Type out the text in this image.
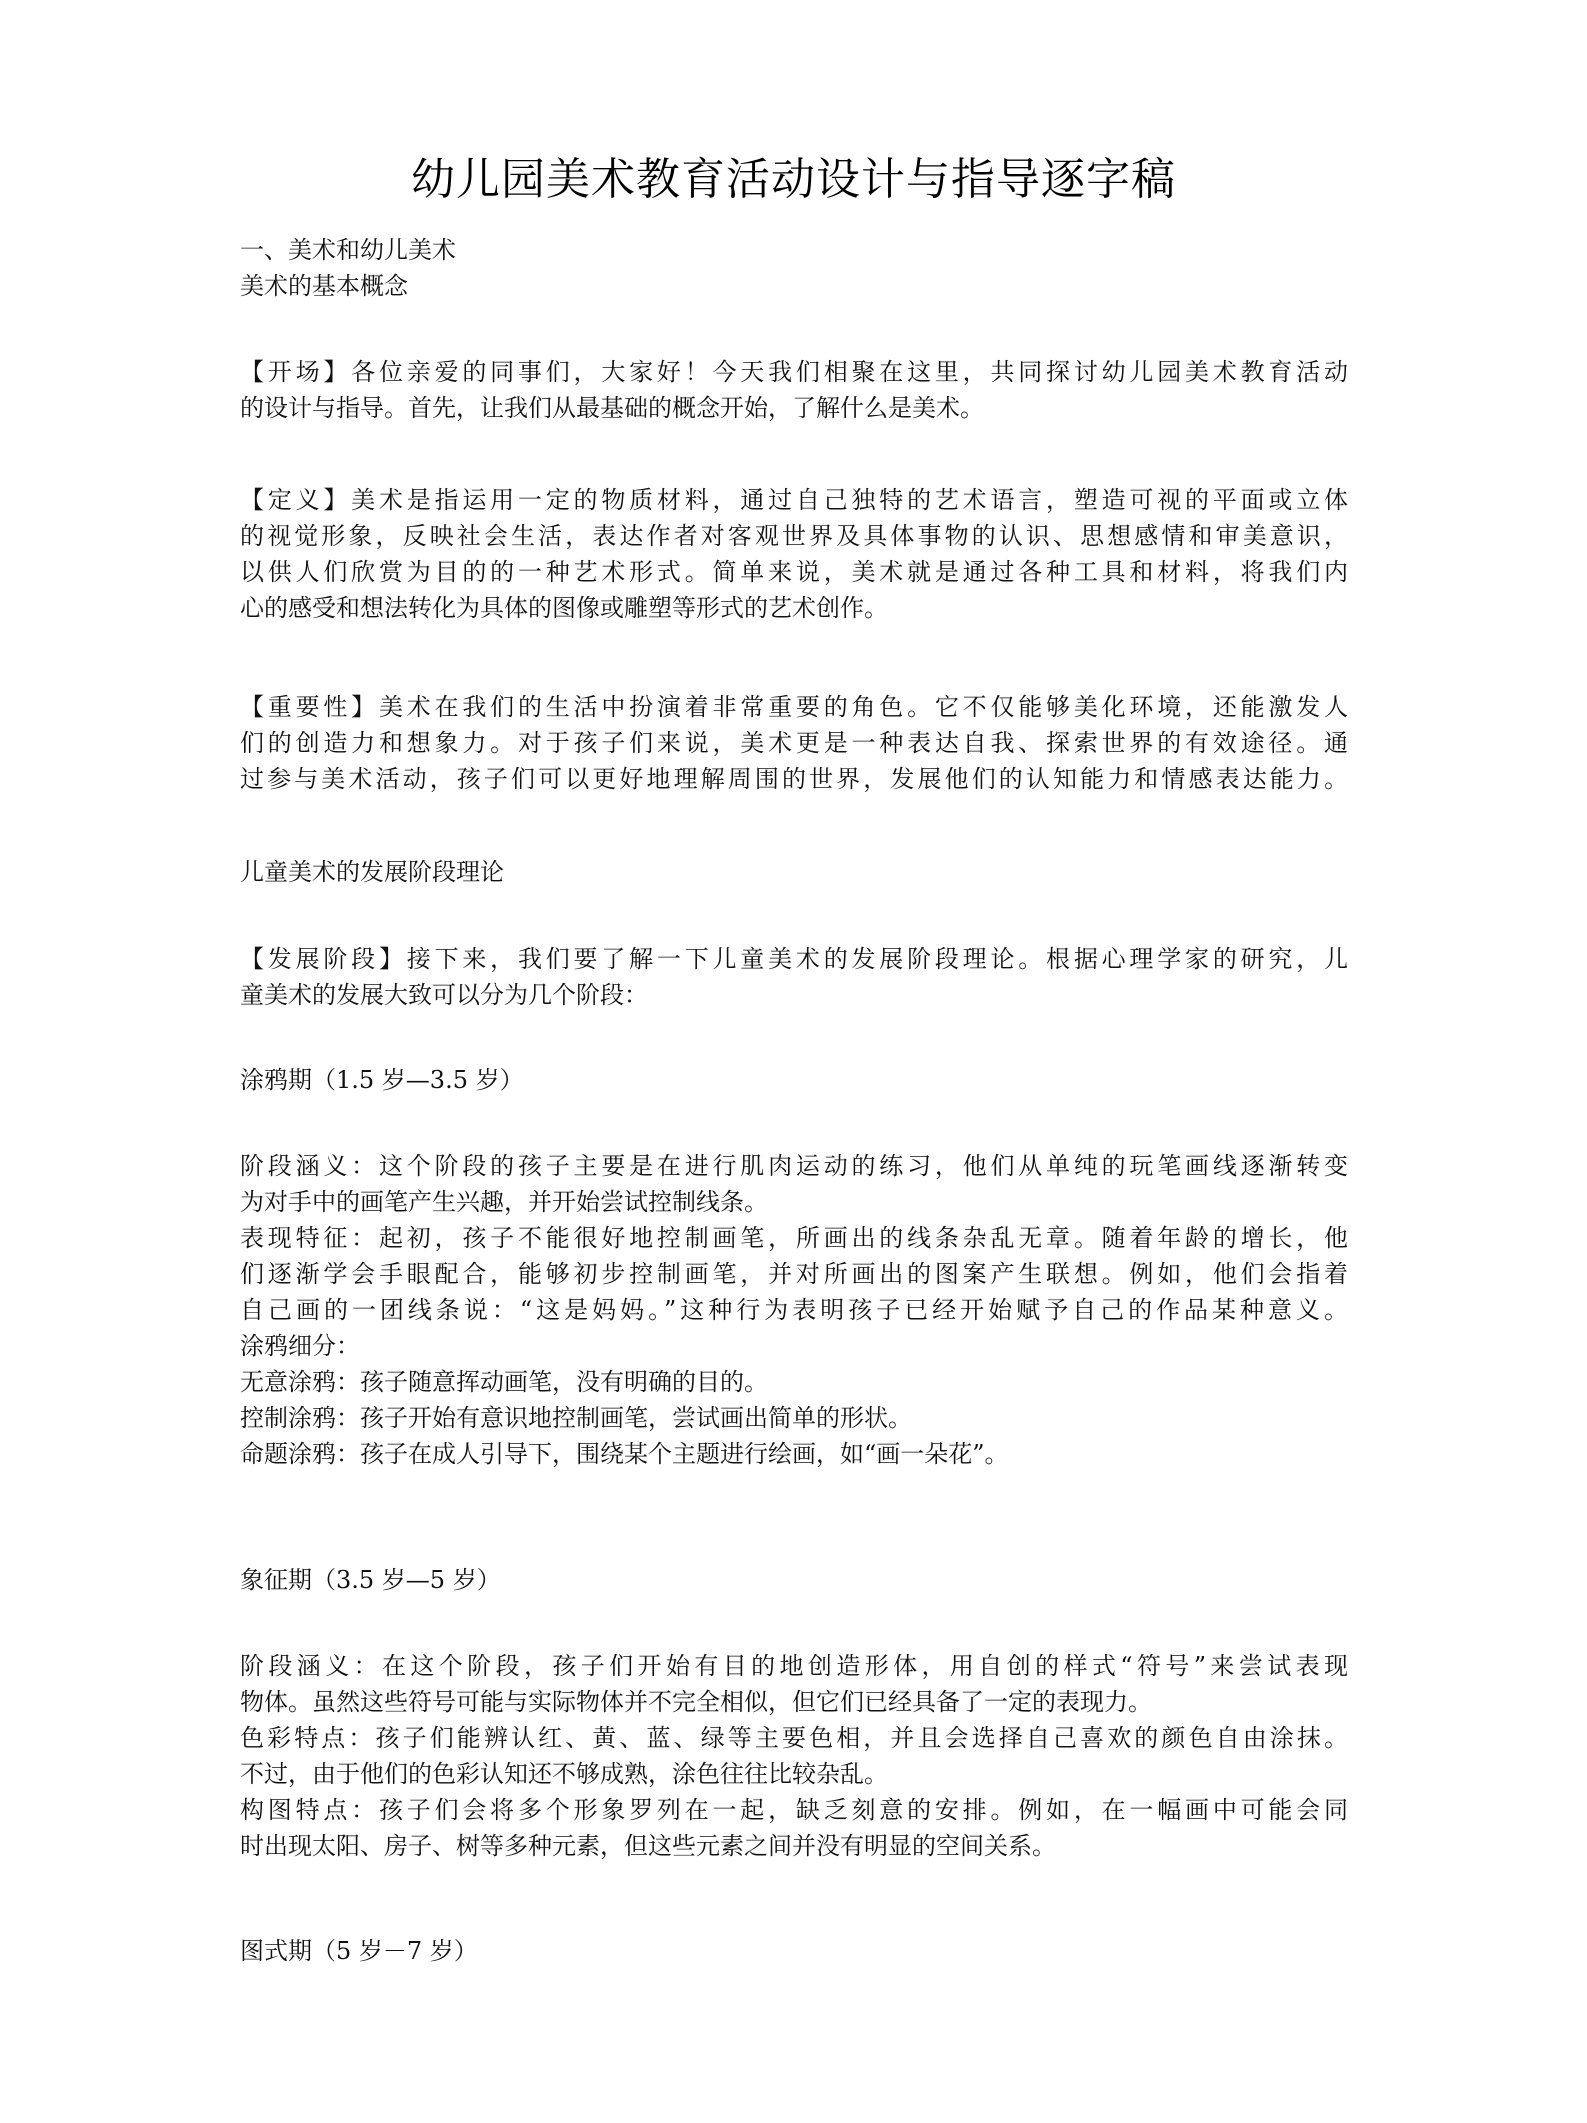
幼儿园美术教育活动设计与指导逐字稿
一、美术和幼儿美术
美术的基本概念
【开场】各位亲爱的同事们，大家好！今天我们相聚在这里，共同探讨幼儿园美术教育活动
的设计与指导。首先，让我们从最基础的概念开始，了解什么是美术。
【定义】美术是指运用一定的物质材料，通过自己独特的艺术语言，塑造可视的平面或立体
的视觉形象，反映社会生活，表达作者对客观世界及具体事物的认识、思想感情和审美意识，
以供人们欣赏为目的的一种艺术形式。简单来说，美术就是通过各种工具和材料，将我们内
心的感受和想法转化为具体的图像或雕塑等形式的艺术创作。
【重要性】美术在我们的生活中扮演着非常重要的角色。它不仅能够美化环境，还能激发人
们的创造力和想象力。对于孩子们来说，美术更是一种表达自我、探索世界的有效途径。通
过参与美术活动，孩子们可以更好地理解周围的世界，发展他们的认知能力和情感表达能力。
儿童美术的发展阶段理论
【发展阶段】接下来，我们要了解一下儿童美术的发展阶段理论。根据心理学家的研究，儿
童美术的发展大致可以分为几个阶段：
涂鸦期（1.5 岁—3.5 岁）
阶段涵义：这个阶段的孩子主要是在进行肌肉运动的练习，他们从单纯的玩笔画线逐渐转变
为对手中的画笔产生兴趣，并开始尝试控制线条。
表现特征：起初，孩子不能很好地控制画笔，所画出的线条杂乱无章。随着年龄的增长，他
们逐渐学会手眼配合，能够初步控制画笔，并对所画出的图案产生联想。例如，他们会指着
自己画的一团线条说：“这是妈妈。”这种行为表明孩子已经开始赋予自己的作品某种意义。
涂鸦细分：
无意涂鸦：孩子随意挥动画笔，没有明确的目的。
控制涂鸦：孩子开始有意识地控制画笔，尝试画出简单的形状。
命题涂鸦：孩子在成人引导下，围绕某个主题进行绘画，如“画一朵花”。
象征期（3.5 岁—5 岁）
阶段涵义：在这个阶段，孩子们开始有目的地创造形体，用自创的样式“符号”来尝试表现
物体。虽然这些符号可能与实际物体并不完全相似，但它们已经具备了一定的表现力。
色彩特点：孩子们能辨认红、黄、蓝、绿等主要色相，并且会选择自己喜欢的颜色自由涂抹。
不过，由于他们的色彩认知还不够成熟，涂色往往比较杂乱。
构图特点：孩子们会将多个形象罗列在一起，缺乏刻意的安排。例如，在一幅画中可能会同
时出现太阳、房子、树等多种元素，但这些元素之间并没有明显的空间关系。
图式期（5 岁－7 岁）
